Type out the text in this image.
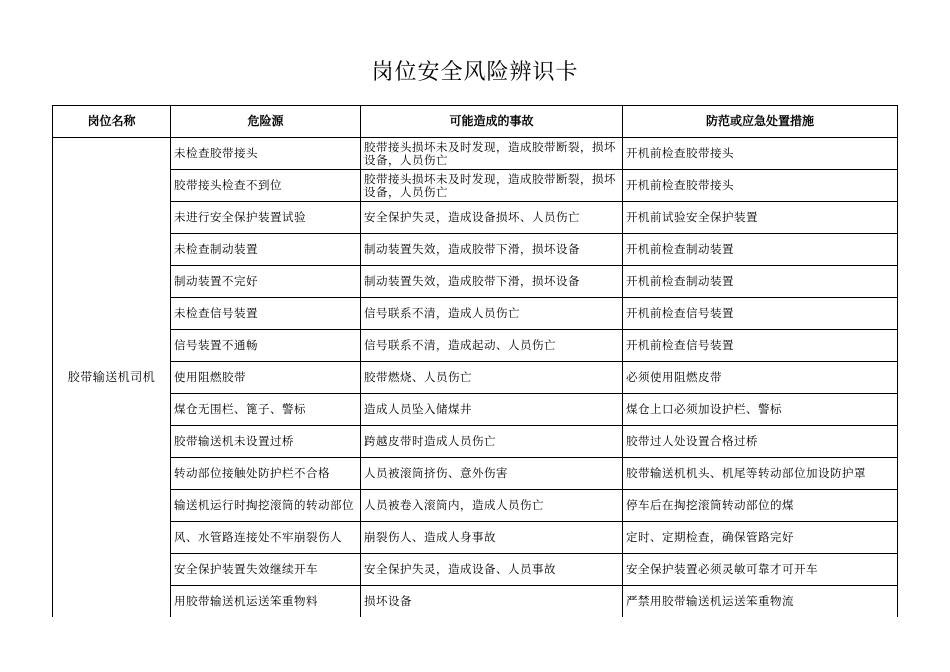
岗位安全风险辨识卡
岗位名称	危险源	可能造成的事故	防范或应急处置措施
胶带输送机司机	未检查胶带接头	胶带接头损坏未及时发现，造成胶带断裂，损坏设备，人员伤亡	开机前检查胶带接头
	胶带接头检查不到位	胶带接头损坏未及时发现，造成胶带断裂，损坏设备，人员伤亡	开机前检查胶带接头
	未进行安全保护装置试验	安全保护失灵，造成设备损坏、人员伤亡	开机前试验安全保护装置
	未检查制动装置	制动装置失效，造成胶带下滑，损坏设备	开机前检查制动装置
	制动装置不完好	制动装置失效，造成胶带下滑，损坏设备	开机前检查制动装置
	未检查信号装置	信号联系不清，造成人员伤亡	开机前检查信号装置
	信号装置不通畅	信号联系不清，造成起动、人员伤亡	开机前检查信号装置
	使用阻燃胶带	胶带燃烧、人员伤亡	必须使用阻燃皮带
	煤仓无围栏、篦子、警标	造成人员坠入储煤井	煤仓上口必须加设护栏、警标
	胶带输送机未设置过桥	跨越皮带时造成人员伤亡	胶带过人处设置合格过桥
	转动部位接触处防护栏不合格	人员被滚筒挤伤、意外伤害	胶带输送机机头、机尾等转动部位加设防护罩
	输送机运行时掏挖滚筒的转动部位	人员被卷入滚筒内，造成人员伤亡	停车后在掏挖滚筒转动部位的煤
	风、水管路连接处不牢崩裂伤人	崩裂伤人、造成人身事故	定时、定期检查，确保管路完好
	安全保护装置失效继续开车	安全保护失灵，造成设备、人员事故	安全保护装置必须灵敏可靠才可开车
	用胶带输送机运送笨重物料	损坏设备	严禁用胶带输送机运送笨重物流
